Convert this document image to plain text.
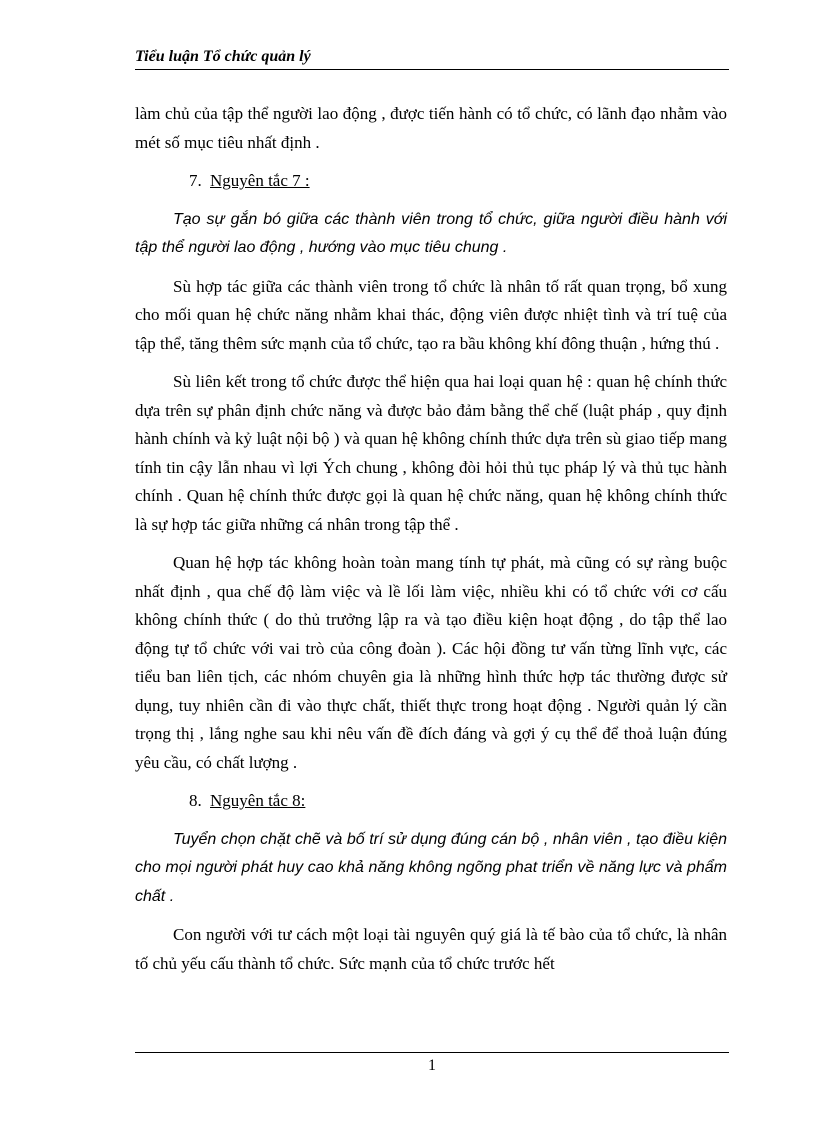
Tiểu luận Tổ chức quản lý

làm chủ của tập thể người lao động , được tiến hành có tổ chức, có lãnh đạo nhằm vào mét số mục tiêu nhất định .

7. Nguyên tắc 7 :

Tạo sự gắn bó giữa các thành viên trong tổ chức, giữa người điều hành với tập thể người lao động , hướng vào mục tiêu chung .

Sù hợp tác giữa các thành viên trong tổ chức là nhân tố rất quan trọng, bổ xung cho mối quan hệ chức năng nhằm khai thác, động viên được nhiệt tình và trí tuệ của tập thể, tăng thêm sức mạnh của tổ chức, tạo ra bầu không khí đông thuận , hứng thú .

Sù liên kết trong tổ chức được thể hiện qua hai loại quan hệ : quan hệ chính thức dựa trên sự phân định chức năng và được bảo đảm bằng thể chế (luật pháp , quy định hành chính và kỷ luật nội bộ ) và quan hệ không chính thức dựa trên sù giao tiếp mang tính tin cậy lẫn nhau vì lợi Ých chung , không đòi hỏi thủ tục pháp lý và thủ tục hành chính . Quan hệ chính thức được gọi là quan hệ chức năng, quan hệ không chính thức là sự hợp tác giữa những cá nhân trong tập thể .

Quan hệ hợp tác không hoàn toàn mang tính tự phát, mà cũng có sự ràng buộc nhất định , qua chế độ làm việc và lề lối làm việc, nhiều khi có tổ chức với cơ cấu không chính thức ( do thủ trưởng lập ra và tạo điều kiện hoạt động , do tập thể lao động tự tổ chức với vai trò của công đoàn ). Các hội đồng tư vấn từng lĩnh vực, các tiểu ban liên tịch, các nhóm chuyên gia là những hình thức hợp tác thường được sử dụng, tuy nhiên cần đi vào thực chất, thiết thực trong hoạt động . Người quản lý cần trọng thị , lắng nghe sau khi nêu vấn đề đích đáng và gợi ý cụ thể để thoả luận đúng yêu cầu, có chất lượng .

8. Nguyên tắc 8:

Tuyển chọn chặt chẽ và bố trí sử dụng đúng cán bộ , nhân viên , tạo điều kiện cho mọi người phát huy cao khả năng không ngõng phat triển về năng lực và phẩm chất .

Con người với tư cách một loại tài nguyên quý giá là tế bào của tổ chức, là nhân tố chủ yếu cấu thành tổ chức. Sức mạnh của tổ chức trước hết

1
